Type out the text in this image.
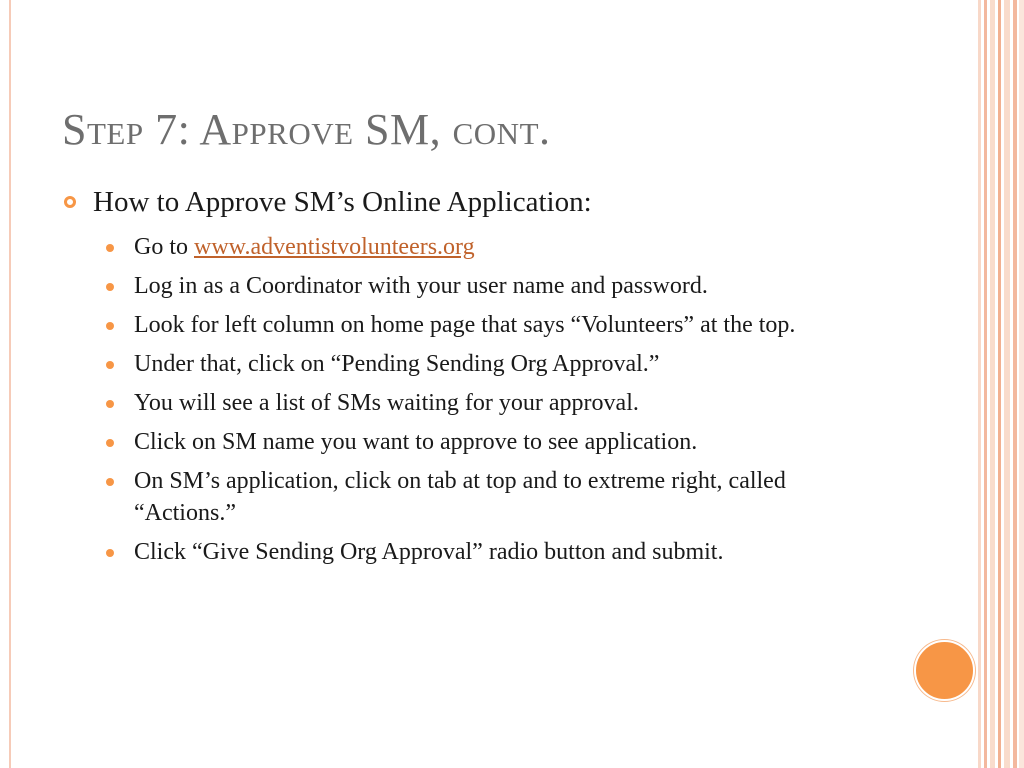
Step 7: Approve SM, cont.
How to Approve SM’s Online Application:
Go to www.adventistvolunteers.org
Log in as a Coordinator with your user name and password.
Look for left column on home page that says “Volunteers” at the top.
Under that, click on “Pending Sending Org Approval.”
You will see a list of SMs waiting for your approval.
Click on SM name you want to approve to see application.
On SM’s application, click on tab at top and to extreme right, called “Actions.”
Click “Give Sending Org Approval” radio button and submit.
